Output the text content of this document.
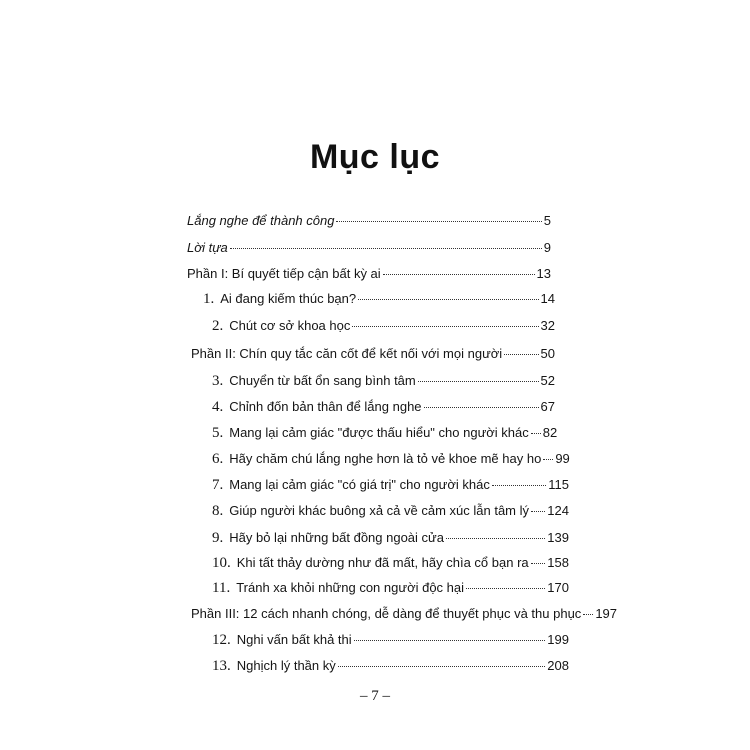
Mục lục
Lắng nghe để thành công	5
Lời tựa	9
Phần I: Bí quyết tiếp cận bất kỳ ai	13
1. Ai đang kiếm thúc bạn?	14
2. Chút cơ sở khoa học	32
Phần II: Chín quy tắc căn cốt để kết nối với mọi người	50
3. Chuyển từ bất ổn sang bình tâm	52
4. Chỉnh đốn bản thân để lắng nghe	67
5. Mang lại cảm giác "được thấu hiểu" cho người khác 82
6. Hãy chăm chú lắng nghe hơn là tỏ vẻ khoe mẽ hay ho 99
7. Mang lại cảm giác "có giá trị" cho người khác	115
8. Giúp người khác buông xả cả về cảm xúc lẫn tâm lý 124
9. Hãy bỏ lại những bất đồng ngoài cửa	139
10. Khi tất thảy dường như đã mất, hãy chìa cổ bạn ra 158
11. Tránh xa khỏi những con người độc hại	170
Phần III: 12 cách nhanh chóng, dễ dàng để thuyết phục và thu phục 197
12. Nghi vấn bất khả thi	199
13. Nghịch lý thần kỳ	208
– 7 –
